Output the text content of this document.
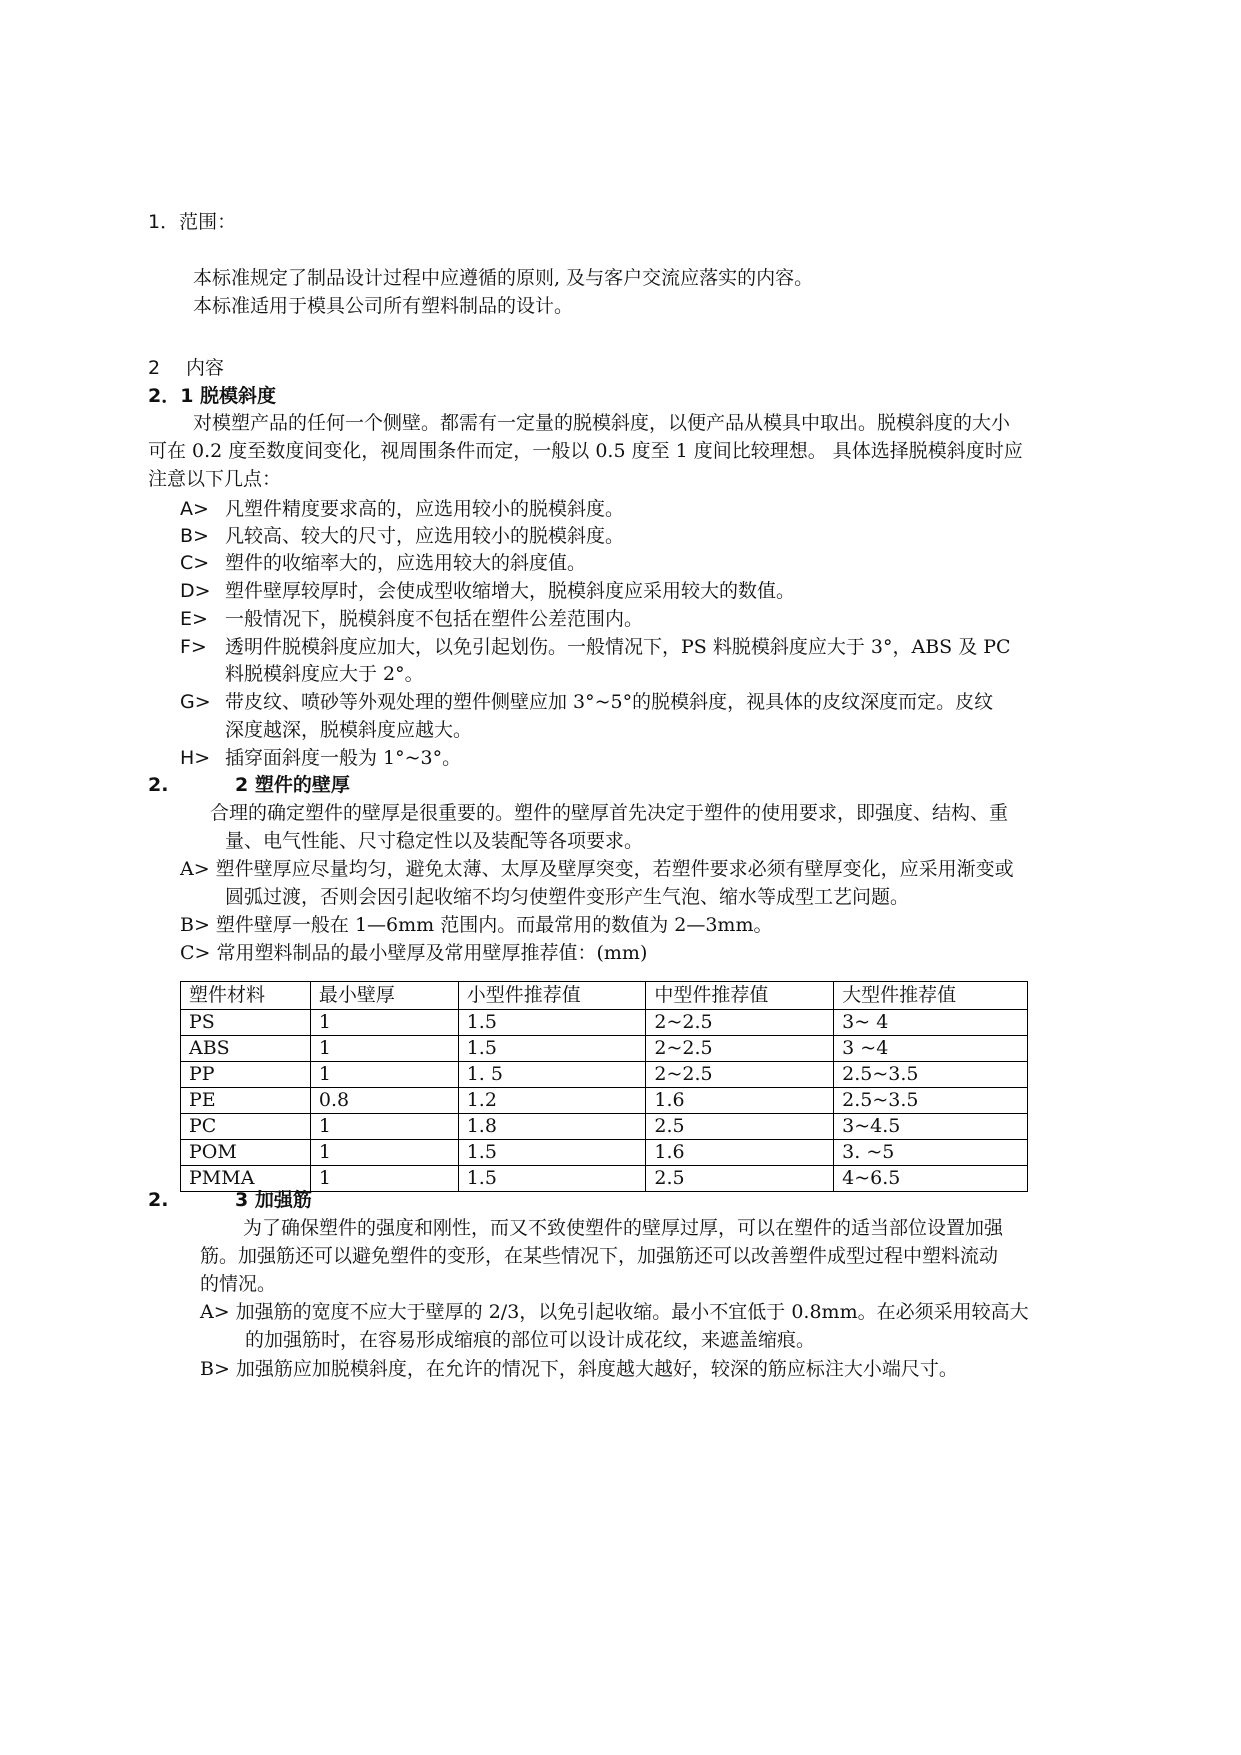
1．范围：
本标准规定了制品设计过程中应遵循的原则, 及与客户交流应落实的内容。
本标准适用于模具公司所有塑料制品的设计。
2 内容
2．1 脱模斜度
对模塑产品的任何一个侧壁。都需有一定量的脱模斜度，以便产品从模具中取出。脱模斜度的大小
可在 0.2 度至数度间变化，视周围条件而定，一般以 0.5 度至 1 度间比较理想。 具体选择脱模斜度时应
注意以下几点：
A> 凡塑件精度要求高的，应选用较小的脱模斜度。
B> 凡较高、较大的尺寸，应选用较小的脱模斜度。
C> 塑件的收缩率大的，应选用较大的斜度值。
D> 塑件壁厚较厚时，会使成型收缩增大，脱模斜度应采用较大的数值。
E> 一般情况下，脱模斜度不包括在塑件公差范围内。
F> 透明件脱模斜度应加大，以免引起划伤。一般情况下，PS 料脱模斜度应大于 3°，ABS 及 PC
料脱模斜度应大于 2°。
G> 带皮纹、喷砂等外观处理的塑件侧壁应加 3°~5°的脱模斜度，视具体的皮纹深度而定。皮纹
深度越深，脱模斜度应越大。
H> 插穿面斜度一般为 1°~3°。
2.	2 塑件的壁厚
合理的确定塑件的壁厚是很重要的。塑件的壁厚首先决定于塑件的使用要求，即强度、结构、重
量、电气性能、尺寸稳定性以及装配等各项要求。
A> 塑件壁厚应尽量均匀，避免太薄、太厚及壁厚突变，若塑件要求必须有壁厚变化，应采用渐变或
圆弧过渡，否则会因引起收缩不均匀使塑件变形产生气泡、缩水等成型工艺问题。
B> 塑件壁厚一般在 1—6mm 范围内。而最常用的数值为 2—3mm。
C> 常用塑料制品的最小壁厚及常用壁厚推荐值：(mm)
塑件材料	最小壁厚	小型件推荐值	中型件推荐值	大型件推荐值
PS	1	1.5	2~2.5	3~ 4
ABS	1	1.5	2~2.5	3 ~4
PP	1	1. 5	2~2.5	2.5~3.5
PE	0.8	1.2	1.6	2.5~3.5
PC	1	1.8	2.5	3~4.5
POM	1	1.5	1.6	3. ~5
PMMA	1	1.5	2.5	4~6.5
2.	3 加强筋
为了确保塑件的强度和刚性，而又不致使塑件的壁厚过厚，可以在塑件的适当部位设置加强
筋。加强筋还可以避免塑件的变形，在某些情况下，加强筋还可以改善塑件成型过程中塑料流动
的情况。
A> 加强筋的宽度不应大于壁厚的 2/3，以免引起收缩。最小不宜低于 0.8mm。在必须采用较高大
的加强筋时，在容易形成缩痕的部位可以设计成花纹，来遮盖缩痕。
B> 加强筋应加脱模斜度，在允许的情况下，斜度越大越好，较深的筋应标注大小端尺寸。
